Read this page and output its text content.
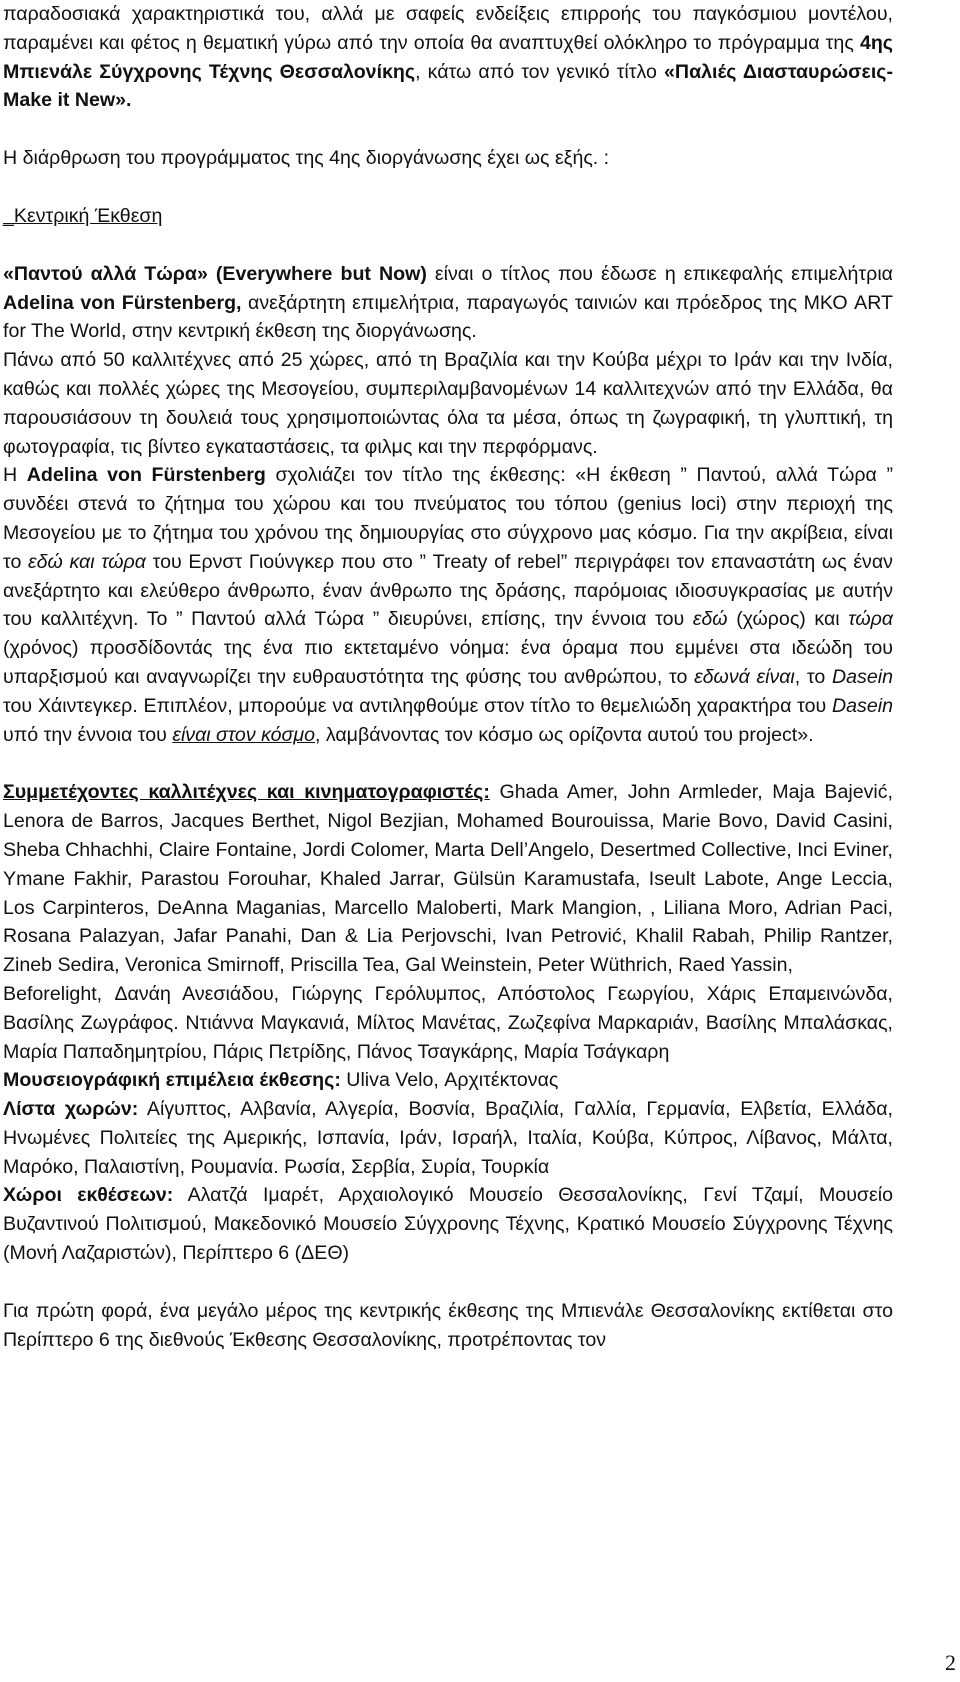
παραδοσιακά χαρακτηριστικά του, αλλά με σαφείς ενδείξεις επιρροής του παγκόσμιου μοντέλου, παραμένει και φέτος η θεματική γύρω από την οποία θα αναπτυχθεί ολόκληρο το πρόγραμμα της 4ης Μπιενάλε Σύγχρονης Τέχνης Θεσσαλονίκης, κάτω από τον γενικό τίτλο «Παλιές Διασταυρώσεις-Make it New».

Η διάρθρωση του προγράμματος της 4ης διοργάνωσης έχει ως εξής. :

_Κεντρική Έκθεση

«Παντού αλλά Τώρα» (Everywhere but Now) είναι ο τίτλος που έδωσε η επικεφαλής επιμελήτρια Adelina von Fürstenberg, ανεξάρτητη επιμελήτρια, παραγωγός ταινιών και πρόεδρος της ΜΚΟ ART for The World, στην κεντρική έκθεση της διοργάνωσης.

Πάνω από 50 καλλιτέχνες από 25 χώρες, από τη Βραζιλία και την Κούβα μέχρι το Ιράν και την Ινδία, καθώς και πολλές χώρες της Μεσογείου, συμπεριλαμβανομένων 14 καλλιτεχνών από την Ελλάδα, θα παρουσιάσουν τη δουλειά τους χρησιμοποιώντας όλα τα μέσα, όπως τη ζωγραφική, τη γλυπτική, τη φωτογραφία, τις βίντεο εγκαταστάσεις, τα φιλμς και την περφόρμανς.

Η Adelina von Fürstenberg σχολιάζει τον τίτλο της έκθεσης: «Η έκθεση ” Παντού, αλλά Τώρα ” συνδέει στενά το ζήτημα του χώρου και του πνεύματος του τόπου (genius loci) στην περιοχή της Μεσογείου με το ζήτημα του χρόνου της δημιουργίας στο σύγχρονο μας κόσμο. Για την ακρίβεια, είναι το εδώ και τώρα του Ερνστ Γιούνγκερ που στο ” Treaty of rebel” περιγράφει τον επαναστάτη ως έναν ανεξάρτητο και ελεύθερο άνθρωπο, έναν άνθρωπο της δράσης, παρόμοιας ιδιοσυγκρασίας με αυτήν του καλλιτέχνη. Το ” Παντού αλλά Τώρα ” διευρύνει, επίσης, την έννοια του εδώ (χώρος) και τώρα (χρόνος) προσδίδοντάς της ένα πιο εκτεταμένο νόημα: ένα όραμα που εμμένει στα ιδεώδη του υπαρξισμού και αναγνωρίζει την ευθραυστότητα της φύσης του ανθρώπου, το εδωνά είναι, το Dasein του Χάιντεγκερ. Επιπλέον, μπορούμε να αντιληφθούμε στον τίτλο το θεμελιώδη χαρακτήρα του Dasein υπό την έννοια του είναι στον κόσμο, λαμβάνοντας τον κόσμο ως ορίζοντα αυτού του project».

Συμμετέχοντες καλλιτέχνες και κινηματογραφιστές: Ghada Amer, John Armleder, Maja Bajević, Lenora de Barros, Jacques Berthet, Nigol Bezjian, Mohamed Bourouissa, Marie Bovo, David Casini, Sheba Chhachhi, Claire Fontaine, Jordi Colomer, Marta Dell’Angelo, Desertmed Collective, Inci Eviner, Ymane Fakhir, Parastou Forouhar, Khaled Jarrar, Gülsün Karamustafa, Iseult Labote, Ange Leccia, Los Carpinteros, DeAnna Maganias, Marcello Maloberti, Mark Mangion, , Liliana Moro, Adrian Paci, Rosana Palazyan, Jafar Panahi, Dan & Lia Perjovschi, Ivan Petrović, Khalil Rabah, Philip Rantzer, Zineb Sedira, Veronica Smirnoff, Priscilla Tea, Gal Weinstein, Peter Wüthrich, Raed Yassin,

Beforelight, Δανάη Ανεσιάδου, Γιώργης Γερόλυμπος, Απόστολος Γεωργίου, Χάρις Επαμεινώνδα, Βασίλης Ζωγράφος. Ντιάννα Μαγκανιά, Μίλτος Μανέτας, Ζωζεφίνα Μαρκαριάν, Βασίλης Μπαλάσκας, Μαρία Παπαδημητρίου, Πάρις Πετρίδης, Πάνος Τσαγκάρης, Μαρία Τσάγκαρη

Μουσειογράφική επιμέλεια έκθεσης: Uliva Velo, Αρχιτέκτονας

Λίστα χωρών: Αίγυπτος, Αλβανία, Αλγερία, Βοσνία, Βραζιλία, Γαλλία, Γερμανία, Ελβετία, Ελλάδα, Ηνωμένες Πολιτείες της Αμερικής, Ισπανία, Ιράν, Ισραήλ, Ιταλία, Κούβα, Κύπρος, Λίβανος, Μάλτα, Μαρόκο, Παλαιστίνη, Ρουμανία. Ρωσία, Σερβία, Συρία, Τουρκία

Χώροι εκθέσεων: Αλατζά Ιμαρέτ, Αρχαιολογικό Μουσείο Θεσσαλονίκης, Γενί Τζαμί, Μουσείο Βυζαντινού Πολιτισμού, Μακεδονικό Μουσείο Σύγχρονης Τέχνης, Κρατικό Μουσείο Σύγχρονης Τέχνης (Μονή Λαζαριστών), Περίπτερο 6 (ΔΕΘ)

Για πρώτη φορά, ένα μεγάλο μέρος της κεντρικής έκθεσης της Μπιενάλε Θεσσαλονίκης εκτίθεται στο Περίπτερο 6 της διεθνούς Έκθεσης Θεσσαλονίκης, προτρέποντας τον

2
